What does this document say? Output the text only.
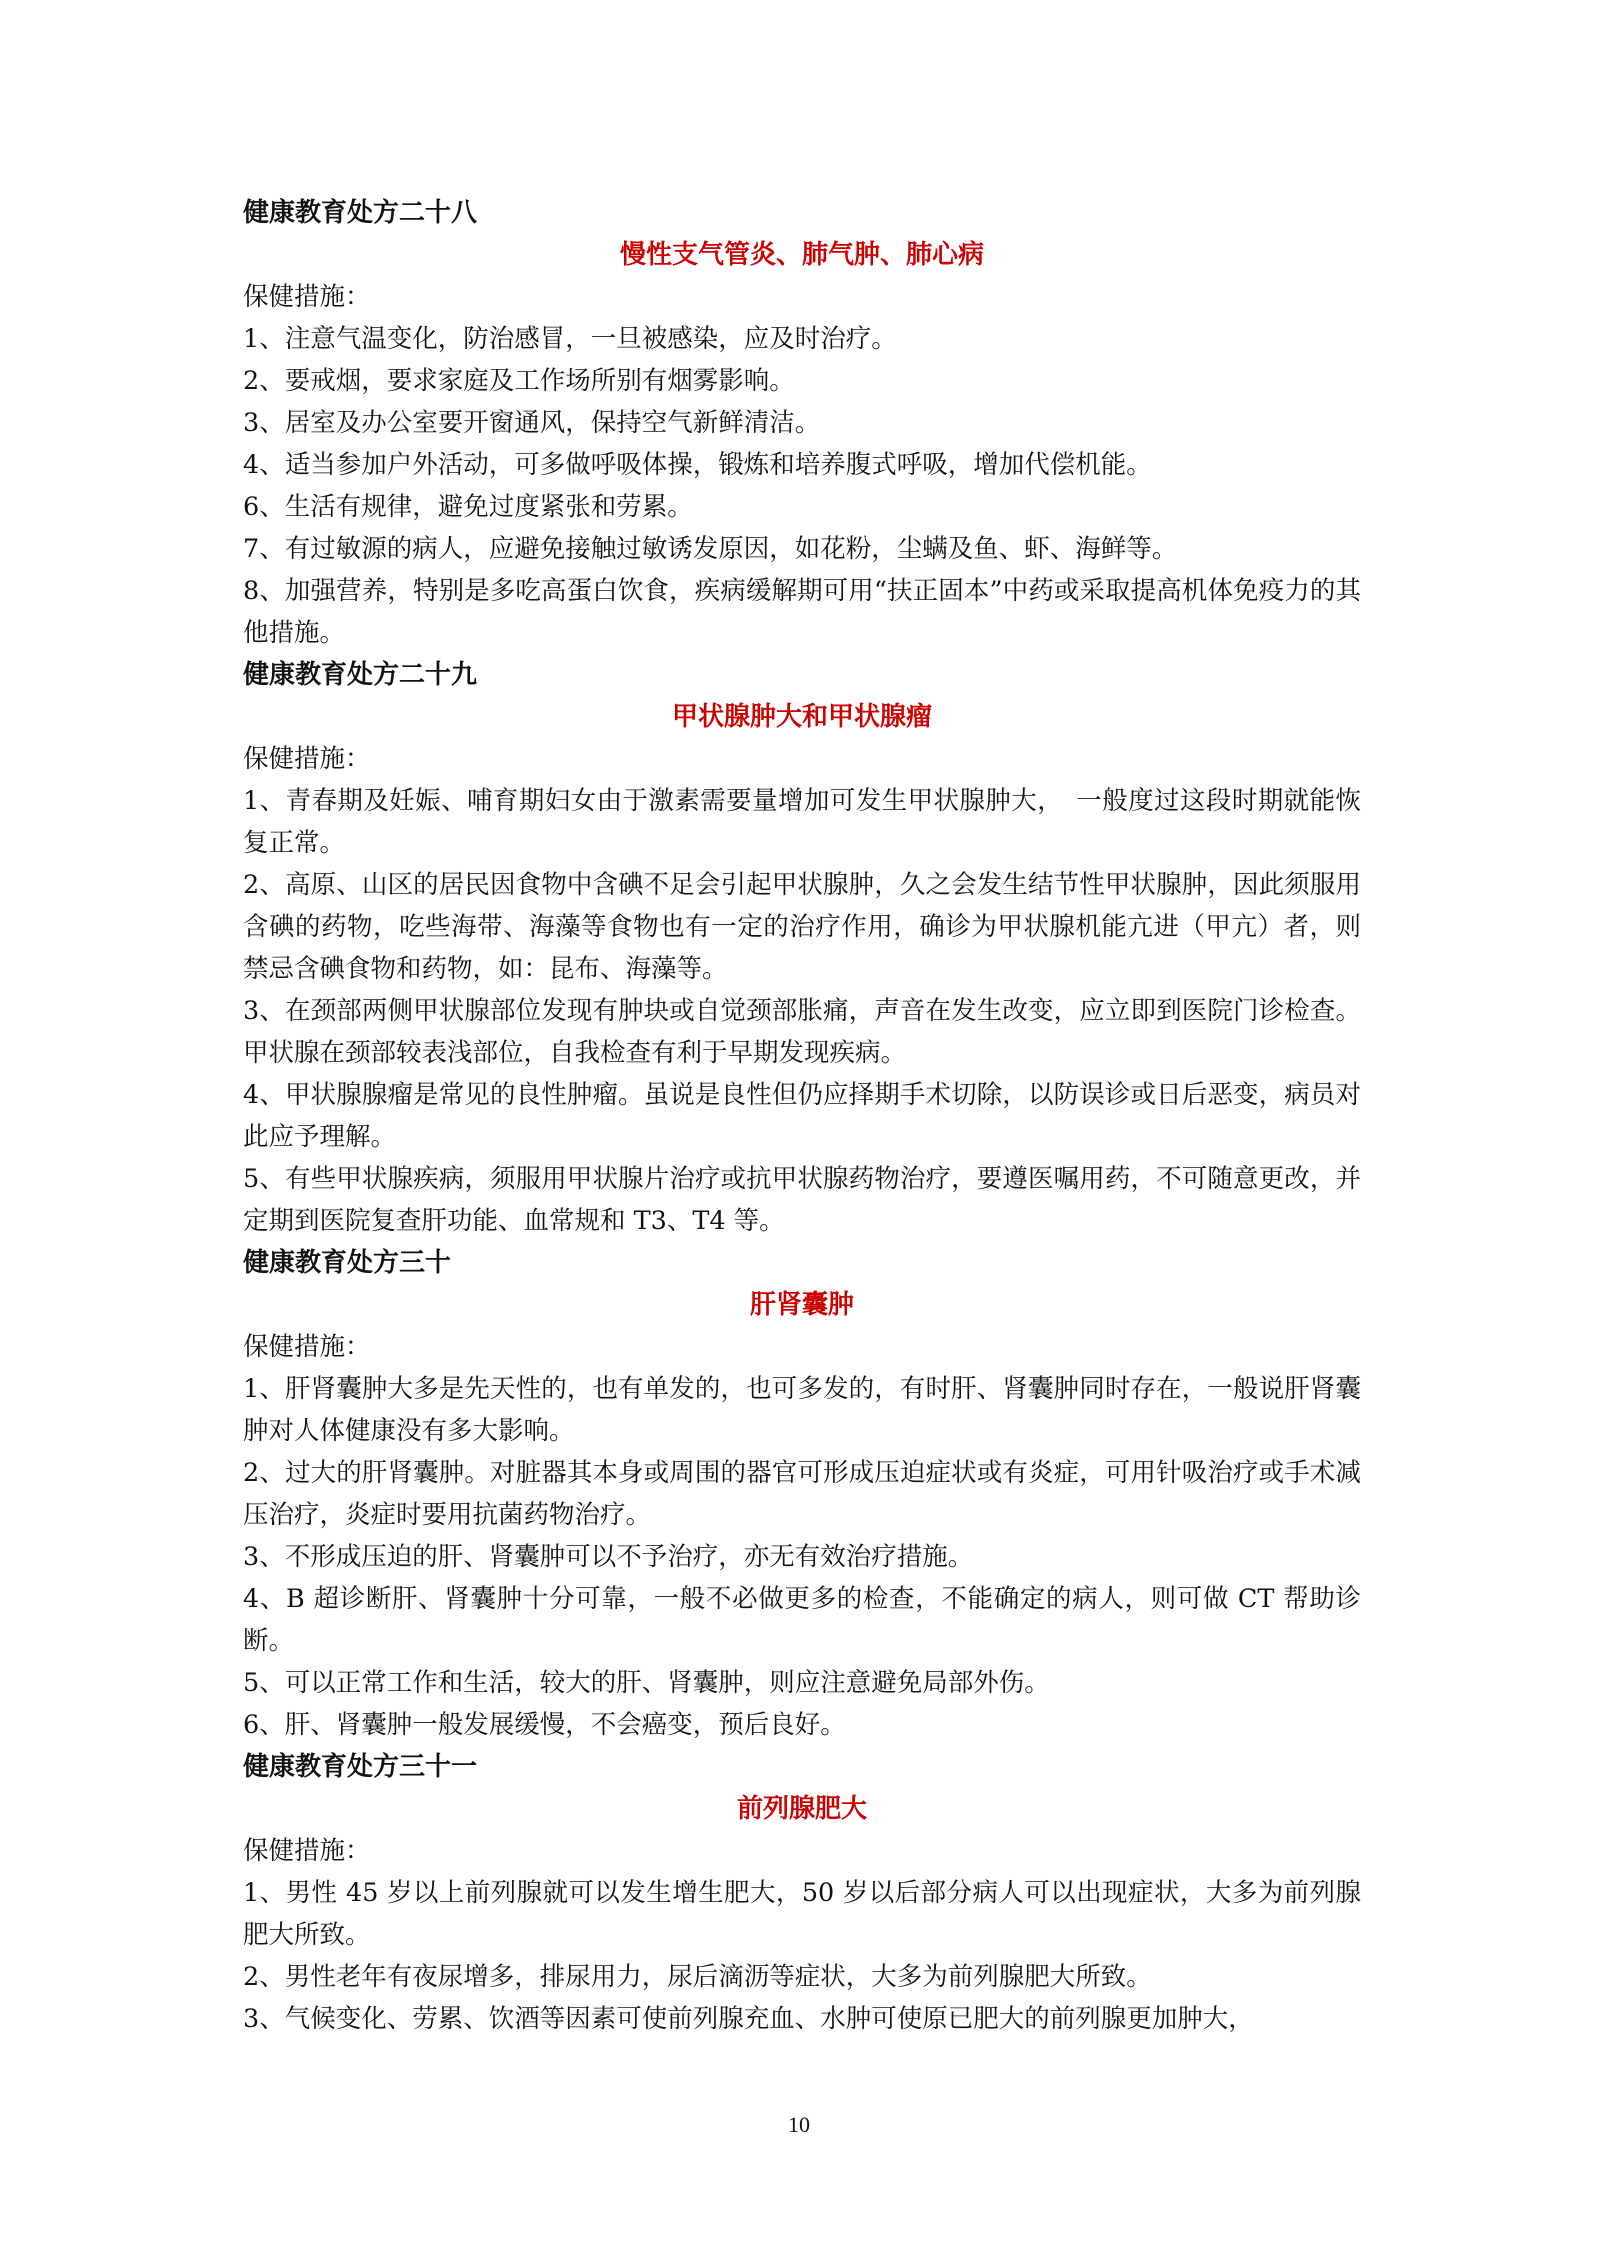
健康教育处方二十八
慢性支气管炎、肺气肿、肺心病
保健措施：
1、注意气温变化，防治感冒，一旦被感染，应及时治疗。
2、要戒烟，要求家庭及工作场所别有烟雾影响。
3、居室及办公室要开窗通风，保持空气新鲜清洁。
4、适当参加户外活动，可多做呼吸体操，锻炼和培养腹式呼吸，增加代偿机能。
6、生活有规律，避免过度紧张和劳累。
7、有过敏源的病人，应避免接触过敏诱发原因，如花粉，尘螨及鱼、虾、海鲜等。
8、加强营养，特别是多吃高蛋白饮食，疾病缓解期可用“扶正固本”中药或采取提高机体免疫力的其他措施。
健康教育处方二十九
甲状腺肿大和甲状腺瘤
保健措施：
1、青春期及妊娠、哺育期妇女由于激素需要量增加可发生甲状腺肿大，　一般度过这段时期就能恢复正常。
2、高原、山区的居民因食物中含碘不足会引起甲状腺肿，久之会发生结节性甲状腺肿，因此须服用含碘的药物，吃些海带、海藻等食物也有一定的治疗作用，确诊为甲状腺机能亢进（甲亢）者，则禁忌含碘食物和药物，如：昆布、海藻等。
3、在颈部两侧甲状腺部位发现有肿块或自觉颈部胀痛，声音在发生改变，应立即到医院门诊检查。甲状腺在颈部较表浅部位，自我检查有利于早期发现疾病。
4、甲状腺腺瘤是常见的良性肿瘤。虽说是良性但仍应择期手术切除，以防误诊或日后恶变，病员对此应予理解。
5、有些甲状腺疾病，须服用甲状腺片治疗或抗甲状腺药物治疗，要遵医嘱用药，不可随意更改，并定期到医院复查肝功能、血常规和 T3、T4 等。
健康教育处方三十
肝肾囊肿
保健措施：
1、肝肾囊肿大多是先天性的，也有单发的，也可多发的，有时肝、肾囊肿同时存在，一般说肝肾囊肿对人体健康没有多大影响。
2、过大的肝肾囊肿。对脏器其本身或周围的器官可形成压迫症状或有炎症，可用针吸治疗或手术减压治疗，炎症时要用抗菌药物治疗。
3、不形成压迫的肝、肾囊肿可以不予治疗，亦无有效治疗措施。
4、B 超诊断肝、肾囊肿十分可靠，一般不必做更多的检查，不能确定的病人，则可做 CT 帮助诊断。
5、可以正常工作和生活，较大的肝、肾囊肿，则应注意避免局部外伤。
6、肝、肾囊肿一般发展缓慢，不会癌变，预后良好。
健康教育处方三十一
前列腺肥大
保健措施：
1、男性 45 岁以上前列腺就可以发生增生肥大，50 岁以后部分病人可以出现症状，大多为前列腺肥大所致。
2、男性老年有夜尿增多，排尿用力，尿后滴沥等症状，大多为前列腺肥大所致。
3、气候变化、劳累、饮酒等因素可使前列腺充血、水肿可使原已肥大的前列腺更加肿大，
10
